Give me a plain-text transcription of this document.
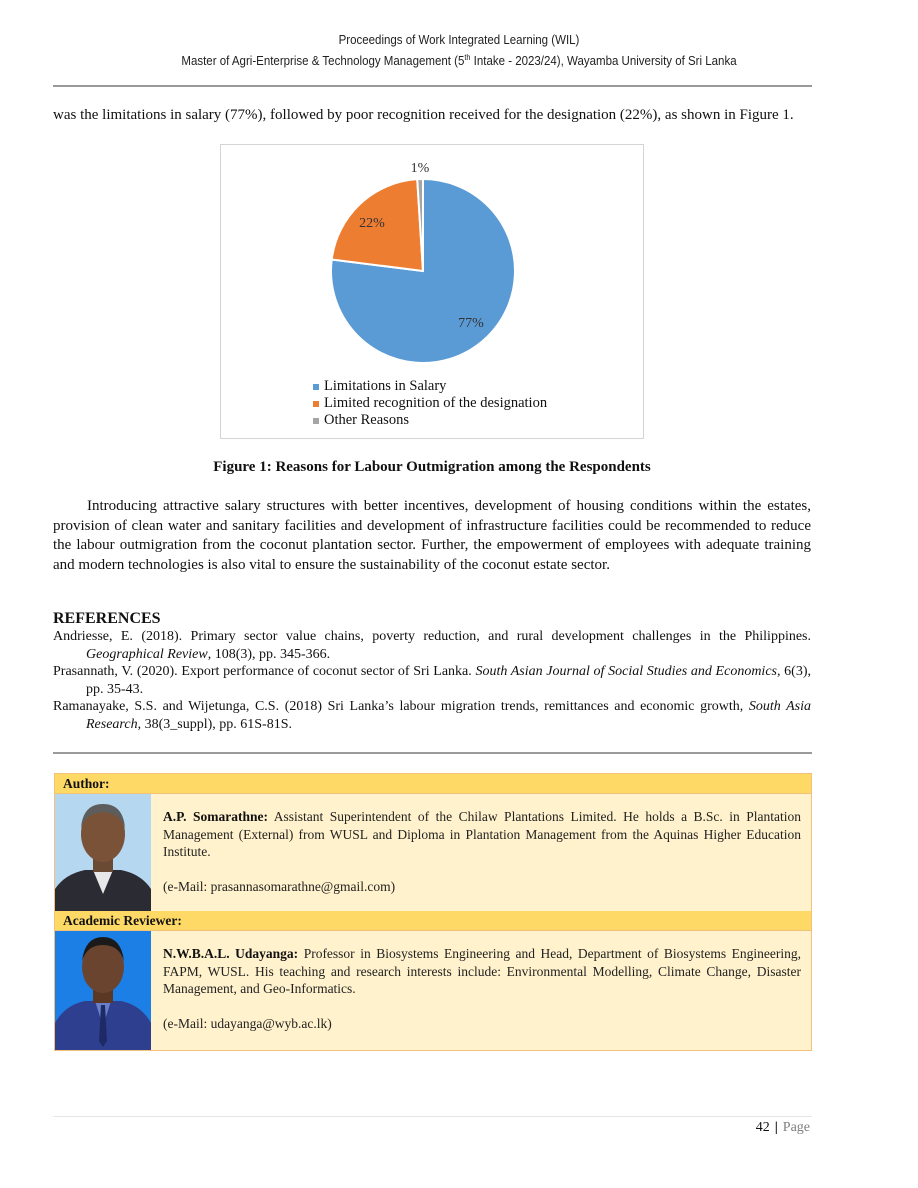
Proceedings of Work Integrated Learning (WIL)
Master of Agri-Enterprise & Technology Management (5th Intake - 2023/24), Wayamba University of Sri Lanka
was the limitations in salary (77%), followed by poor recognition received for the designation (22%), as shown in Figure 1.
77%
22%
1%
Limitations in Salary
Limited recognition of the designation
Other Reasons
Figure 1: Reasons for Labour Outmigration among the Respondents
Introducing attractive salary structures with better incentives, development of housing conditions within the estates, provision of clean water and sanitary facilities and development of infrastructure facilities could be recommended to reduce the labour outmigration from the coconut plantation sector. Further, the empowerment of employees with adequate training and modern technologies is also vital to ensure the sustainability of the coconut estate sector.
REFERENCES
Andriesse, E. (2018). Primary sector value chains, poverty reduction, and rural development challenges in the Philippines. Geographical Review, 108(3), pp. 345-366.
Prasannath, V. (2020). Export performance of coconut sector of Sri Lanka. South Asian Journal of Social Studies and Economics, 6(3), pp. 35-43.
Ramanayake, S.S. and Wijetunga, C.S. (2018) Sri Lanka’s labour migration trends, remittances and economic growth, South Asia Research, 38(3_suppl), pp. 61S-81S.
Author:
A.P. Somarathne: Assistant Superintendent of the Chilaw Plantations Limited. He holds a B.Sc. in Plantation Management (External) from WUSL and Diploma in Plantation Management from the Aquinas Higher Education Institute.
(e-Mail: prasannasomarathne@gmail.com)
Academic Reviewer:
N.W.B.A.L. Udayanga: Professor in Biosystems Engineering and Head, Department of Biosystems Engineering, FAPM, WUSL. His teaching and research interests include: Environmental Modelling, Climate Change, Disaster Management, and Geo-Informatics.
(e-Mail: udayanga@wyb.ac.lk)
42 | Page
